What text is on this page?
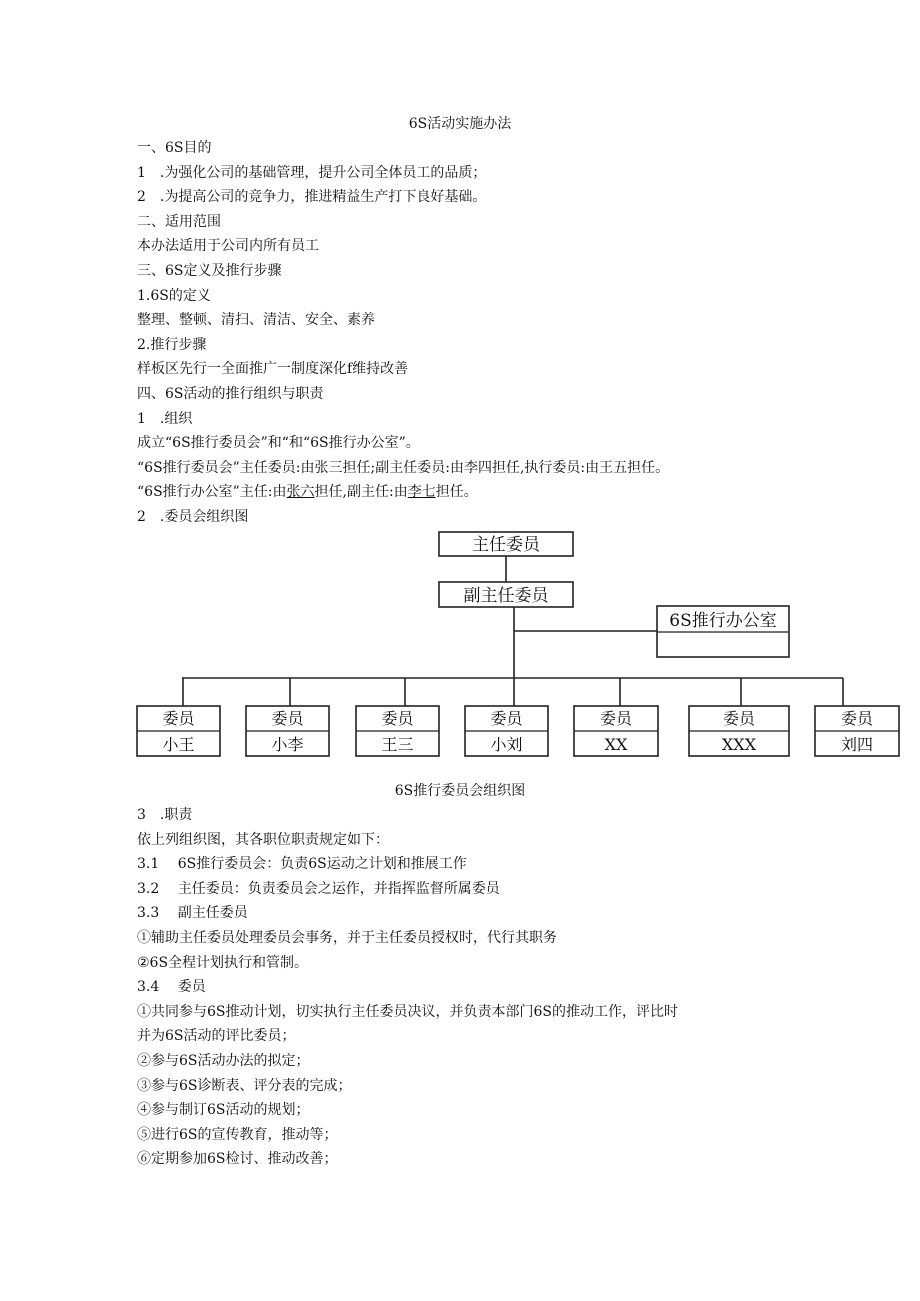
6S活动实施办法
一、6S目的
1　.为强化公司的基础管理，提升公司全体员工的品质；
2　.为提高公司的竞争力，推进精益生产打下良好基础。
二、适用范围
本办法适用于公司内所有员工
三、6S定义及推行步骤
1.6S的定义
整理、整顿、清扫、清洁、安全、素养
2.推行步骤
样板区先行一全面推广一制度深化f维持改善
四、6S活动的推行组织与职责
1　.组织
成立“6S推行委员会”和“和“6S推行办公室”。
“6S推行委员会”主任委员:由张三担任;副主任委员:由李四担任,执行委员:由王五担任。
“6S推行办公室”主任:由张六担任,副主任:由李七担任。
2　.委员会组织图
主任委员
副主任委员
6S推行办公室
委员
小王
委员
小李
委员
王三
委员
小刘
委员
XX
委员
XXX
委员
刘四
6S推行委员会组织图
3　.职责
依上列组织图，其各职位职责规定如下：
3.1　 6S推行委员会：负责6S运动之计划和推展工作
3.2　 主任委员：负责委员会之运作，并指挥监督所属委员
3.3　 副主任委员
①辅助主任委员处理委员会事务，并于主任委员授权时，代行其职务
②6S全程计划执行和管制。
3.4　 委员
①共同参与6S推动计划，切实执行主任委员决议，并负责本部门6S的推动工作，评比时
并为6S活动的评比委员；
②参与6S活动办法的拟定；
③参与6S诊断表、评分表的完成；
④参与制订6S活动的规划；
⑤进行6S的宣传教育，推动等；
⑥定期参加6S检讨、推动改善；
